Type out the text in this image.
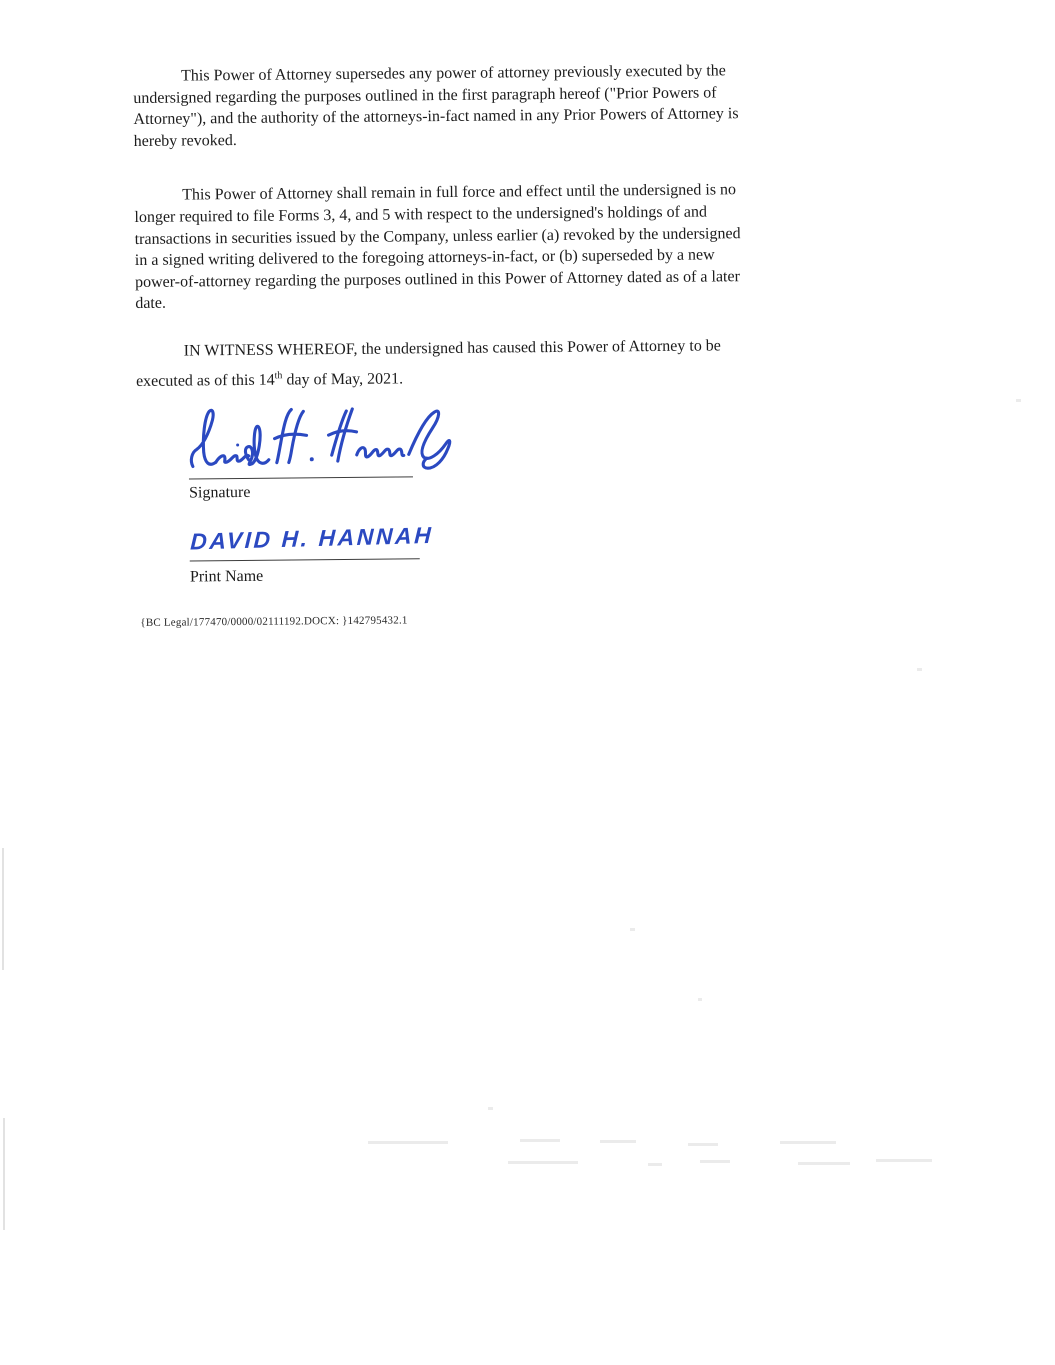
This Power of Attorney supersedes any power of attorney previously executed by the
undersigned regarding the purposes outlined in the first paragraph hereof ("Prior Powers of
Attorney"), and the authority of the attorneys-in-fact named in any Prior Powers of Attorney is
hereby revoked.

This Power of Attorney shall remain in full force and effect until the undersigned is no
longer required to file Forms 3, 4, and 5 with respect to the undersigned's holdings of and
transactions in securities issued by the Company, unless earlier (a) revoked by the undersigned
in a signed writing delivered to the foregoing attorneys-in-fact, or (b) superseded by a new
power-of-attorney regarding the purposes outlined in this Power of Attorney dated as of a later
date.

IN WITNESS WHEREOF, the undersigned has caused this Power of Attorney to be
executed as of this 14th day of May, 2021.

Signature
DAVID H. HANNAH
Print Name
{BC Legal/177470/0000/02111192.DOCX: }142795432.1
